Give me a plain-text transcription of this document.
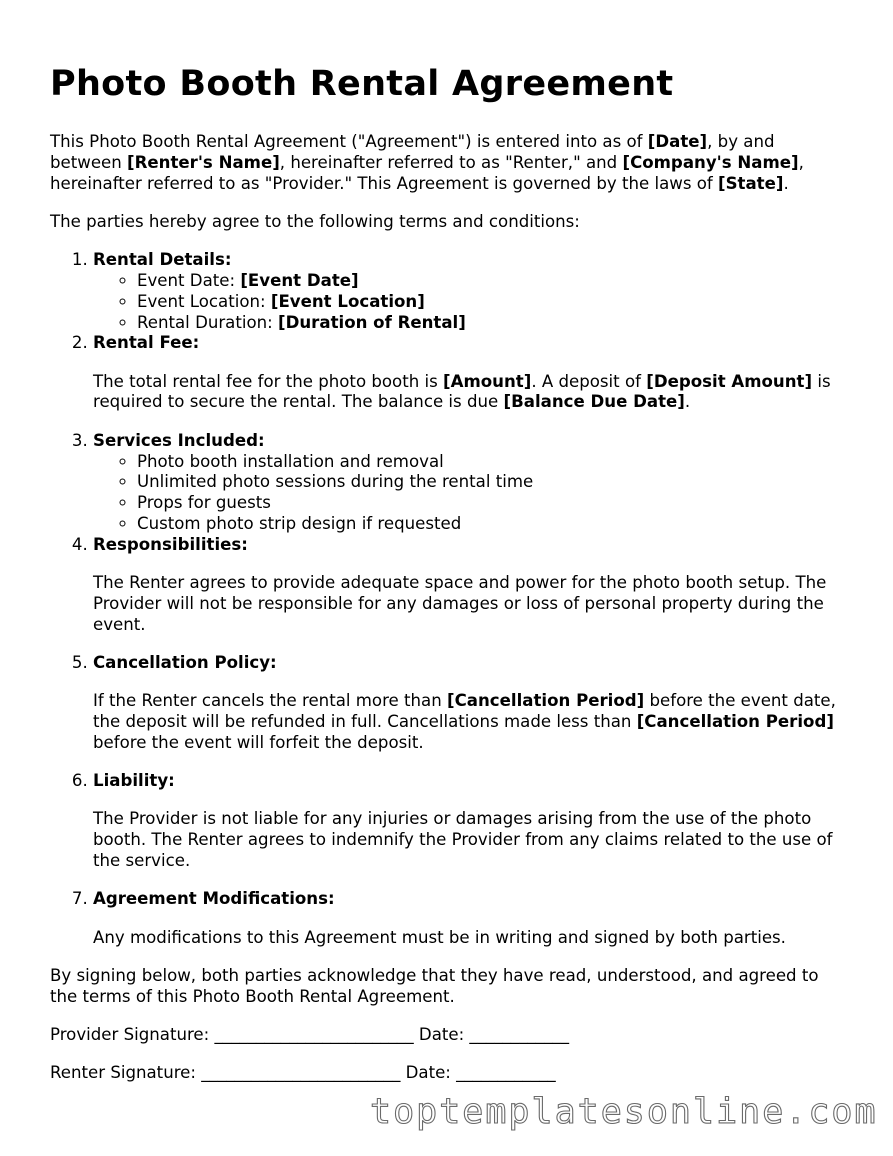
Photo Booth Rental Agreement

This Photo Booth Rental Agreement ("Agreement") is entered into as of [Date], by and between [Renter's Name], hereinafter referred to as "Renter," and [Company's Name], hereinafter referred to as "Provider." This Agreement is governed by the laws of [State].

The parties hereby agree to the following terms and conditions:

1. Rental Details:
◦ Event Date: [Event Date]
◦ Event Location: [Event Location]
◦ Rental Duration: [Duration of Rental]
2. Rental Fee:

The total rental fee for the photo booth is [Amount]. A deposit of [Deposit Amount] is required to secure the rental. The balance is due [Balance Due Date].

3. Services Included:
◦ Photo booth installation and removal
◦ Unlimited photo sessions during the rental time
◦ Props for guests
◦ Custom photo strip design if requested
4. Responsibilities:

The Renter agrees to provide adequate space and power for the photo booth setup. The Provider will not be responsible for any damages or loss of personal property during the event.

5. Cancellation Policy:

If the Renter cancels the rental more than [Cancellation Period] before the event date, the deposit will be refunded in full. Cancellations made less than [Cancellation Period] before the event will forfeit the deposit.

6. Liability:

The Provider is not liable for any injuries or damages arising from the use of the photo booth. The Renter agrees to indemnify the Provider from any claims related to the use of the service.

7. Agreement Modifications:

Any modifications to this Agreement must be in writing and signed by both parties.

By signing below, both parties acknowledge that they have read, understood, and agreed to the terms of this Photo Booth Rental Agreement.

Provider Signature: ________________________ Date: ____________

Renter Signature: ________________________ Date: ____________

toptemplatesonline.com
